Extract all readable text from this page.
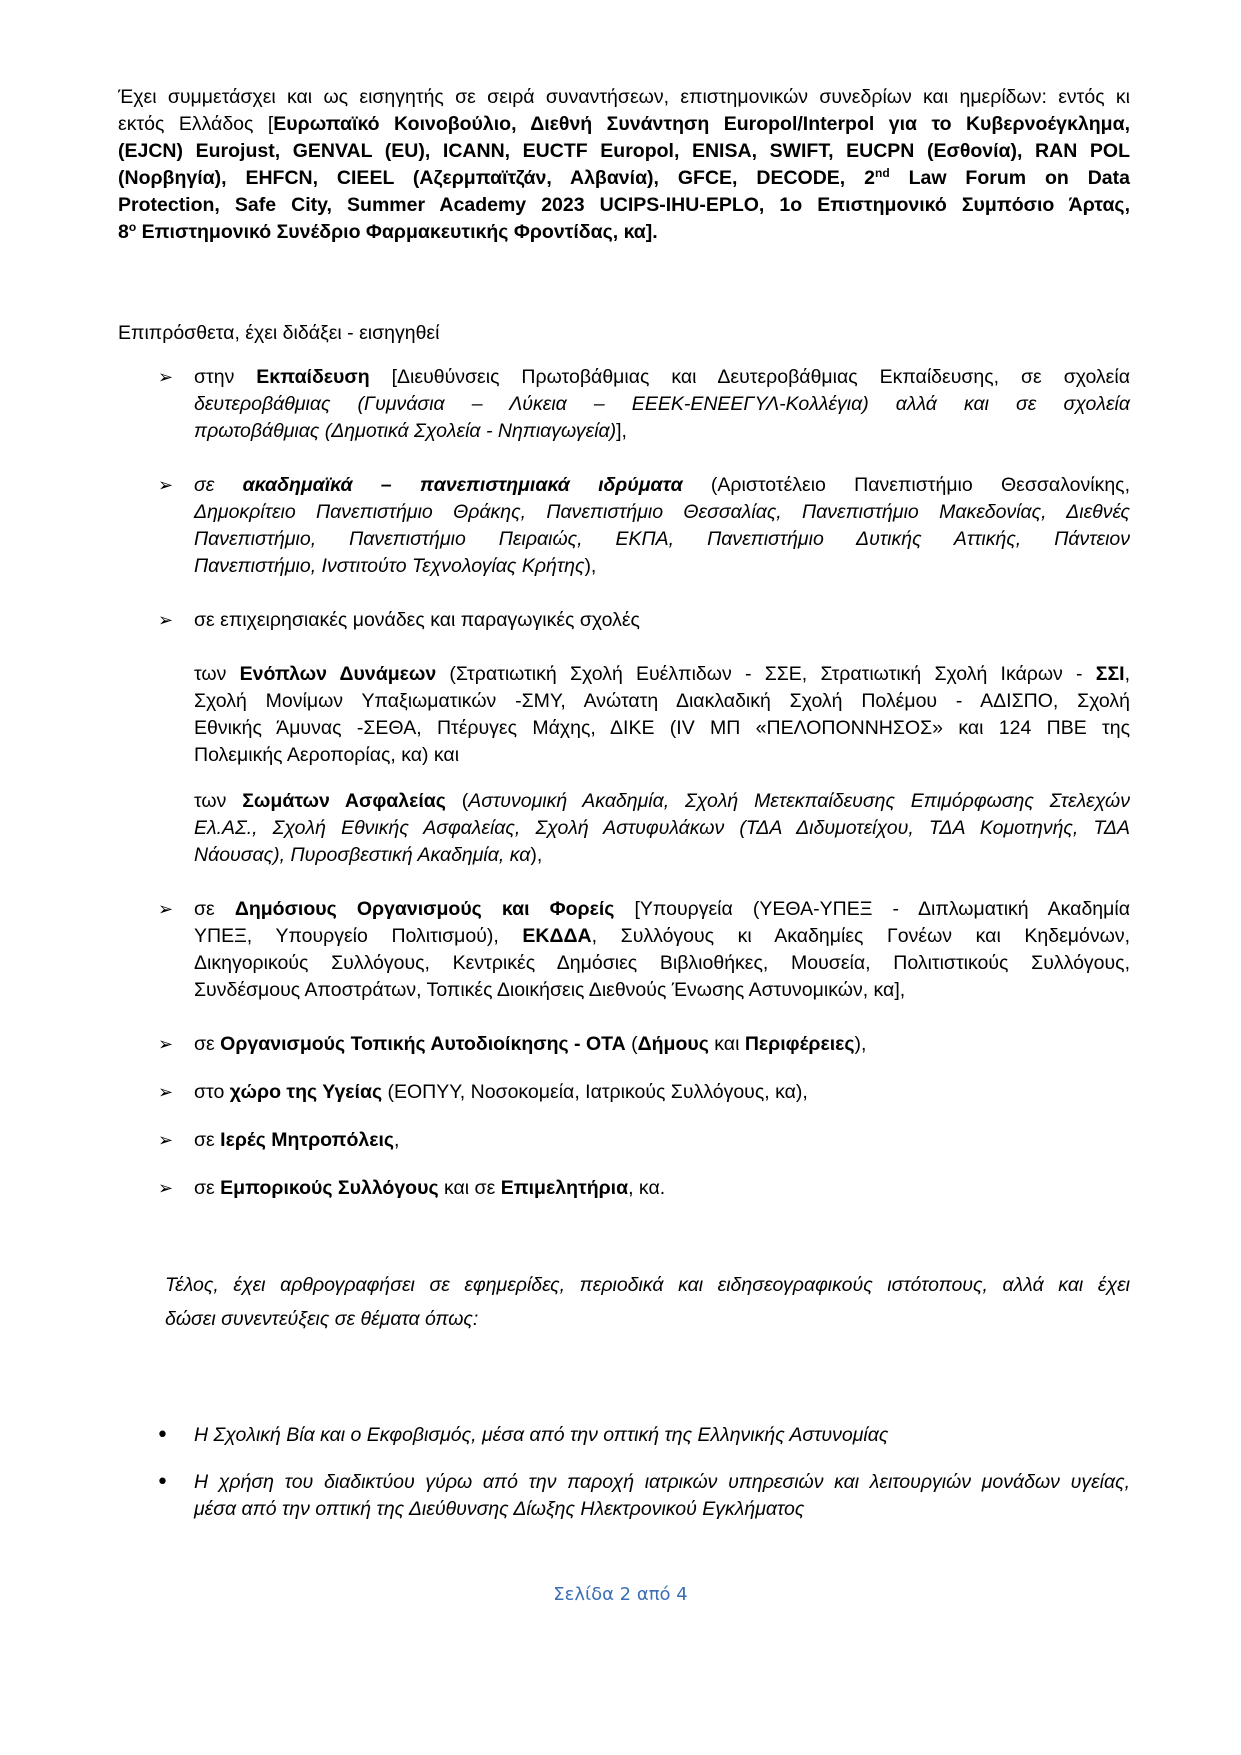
Έχει συμμετάσχει και ως εισηγητής σε σειρά συναντήσεων, επιστημονικών συνεδρίων και ημερίδων: εντός κι
εκτός Ελλάδος [Ευρωπαϊκό Κοινοβούλιο, Διεθνή Συνάντηση Europol/Interpol για το Κυβερνοέγκλημα,
(EJCN) Eurojust, GENVAL (EU), ICANN, EUCTF Europol, ENISA, SWIFT, EUCPN (Εσθονία), RAN POL
(Νορβηγία), EHFCN, CIEEL (Αζερμπαϊτζάν, Αλβανία), GFCE, DECODE, 2nd Law Forum on Data
Protection, Safe City, Summer Academy 2023 UCIPS-IHU-EPLO, 1ο Επιστημονικό Συμπόσιο Άρτας,
$8^o$ Επιστημονικό Συνέδριο Φαρμακευτικής Φροντίδας, κα].
Επιπρόσθετα, έχει διδάξει - εισηγηθεί
➢ στην Εκπαίδευση [Διευθύνσεις Πρωτοβάθμιας και Δευτεροβάθμιας Εκπαίδευσης, σε σχολεία
δευτεροβάθμιας (Γυμνάσια – Λύκεια – ΕΕΕΚ-ΕΝΕΕΓΥΛ-Κολλέγια) αλλά και σε σχολεία
πρωτοβάθμιας (Δημοτικά Σχολεία - Νηπιαγωγεία)],
➢ σε ακαδημαϊκά – πανεπιστημιακά ιδρύματα (Αριστοτέλειο Πανεπιστήμιο Θεσσαλονίκης,
Δημοκρίτειο Πανεπιστήμιο Θράκης, Πανεπιστήμιο Θεσσαλίας, Πανεπιστήμιο Μακεδονίας, Διεθνές
Πανεπιστήμιο, Πανεπιστήμιο Πειραιώς, ΕΚΠΑ, Πανεπιστήμιο Δυτικής Αττικής, Πάντειον
Πανεπιστήμιο, Ινστιτούτο Τεχνολογίας Κρήτης),
➢ σε επιχειρησιακές μονάδες και παραγωγικές σχολές
των Ενόπλων Δυνάμεων (Στρατιωτική Σχολή Ευέλπιδων - ΣΣΕ, Στρατιωτική Σχολή Ικάρων - ΣΣΙ,
Σχολή Μονίμων Υπαξιωματικών -ΣΜΥ, Ανώτατη Διακλαδική Σχολή Πολέμου - ΑΔΙΣΠΟ, Σχολή
Εθνικής Άμυνας -ΣΕΘΑ, Πτέρυγες Μάχης, ΔΙΚΕ (IV ΜΠ «ΠΕΛΟΠΟΝΝΗΣΟΣ» και 124 ΠΒΕ της
Πολεμικής Αεροπορίας, κα) και
των Σωμάτων Ασφαλείας (Αστυνομική Ακαδημία, Σχολή Μετεκπαίδευσης Επιμόρφωσης Στελεχών
Ελ.ΑΣ., Σχολή Εθνικής Ασφαλείας, Σχολή Αστυφυλάκων (ΤΔΑ Διδυμοτείχου, ΤΔΑ Κομοτηνής, ΤΔΑ
Νάουσας), Πυροσβεστική Ακαδημία, κα),
➢ σε Δημόσιους Οργανισμούς και Φορείς [Υπουργεία (ΥΕΘΑ-ΥΠΕΞ - Διπλωματική Ακαδημία
ΥΠΕΞ, Υπουργείο Πολιτισμού), ΕΚΔΔΑ, Συλλόγους κι Ακαδημίες Γονέων και Κηδεμόνων,
Δικηγορικούς Συλλόγους, Κεντρικές Δημόσιες Βιβλιοθήκες, Μουσεία, Πολιτιστικούς Συλλόγους,
Συνδέσμους Αποστράτων, Τοπικές Διοικήσεις Διεθνούς Ένωσης Αστυνομικών, κα],
➢ σε Οργανισμούς Τοπικής Αυτοδιοίκησης - ΟΤΑ (Δήμους και Περιφέρειες),
➢ στο χώρο της Υγείας (ΕΟΠΥΥ, Νοσοκομεία, Ιατρικούς Συλλόγους, κα),
➢ σε Ιερές Μητροπόλεις,
➢ σε Εμπορικούς Συλλόγους και σε Επιμελητήρια, κα.
Τέλος, έχει αρθρογραφήσει σε εφημερίδες, περιοδικά και ειδησεογραφικούς ιστότοπους, αλλά και έχει
δώσει συνεντεύξεις σε θέματα όπως:
• Η Σχολική Βία και ο Εκφοβισμός, μέσα από την οπτική της Ελληνικής Αστυνομίας
• Η χρήση του διαδικτύου γύρω από την παροχή ιατρικών υπηρεσιών και λειτουργιών μονάδων υγείας,
μέσα από την οπτική της Διεύθυνσης Δίωξης Ηλεκτρονικού Εγκλήματος
Σελίδα 2 από 4
